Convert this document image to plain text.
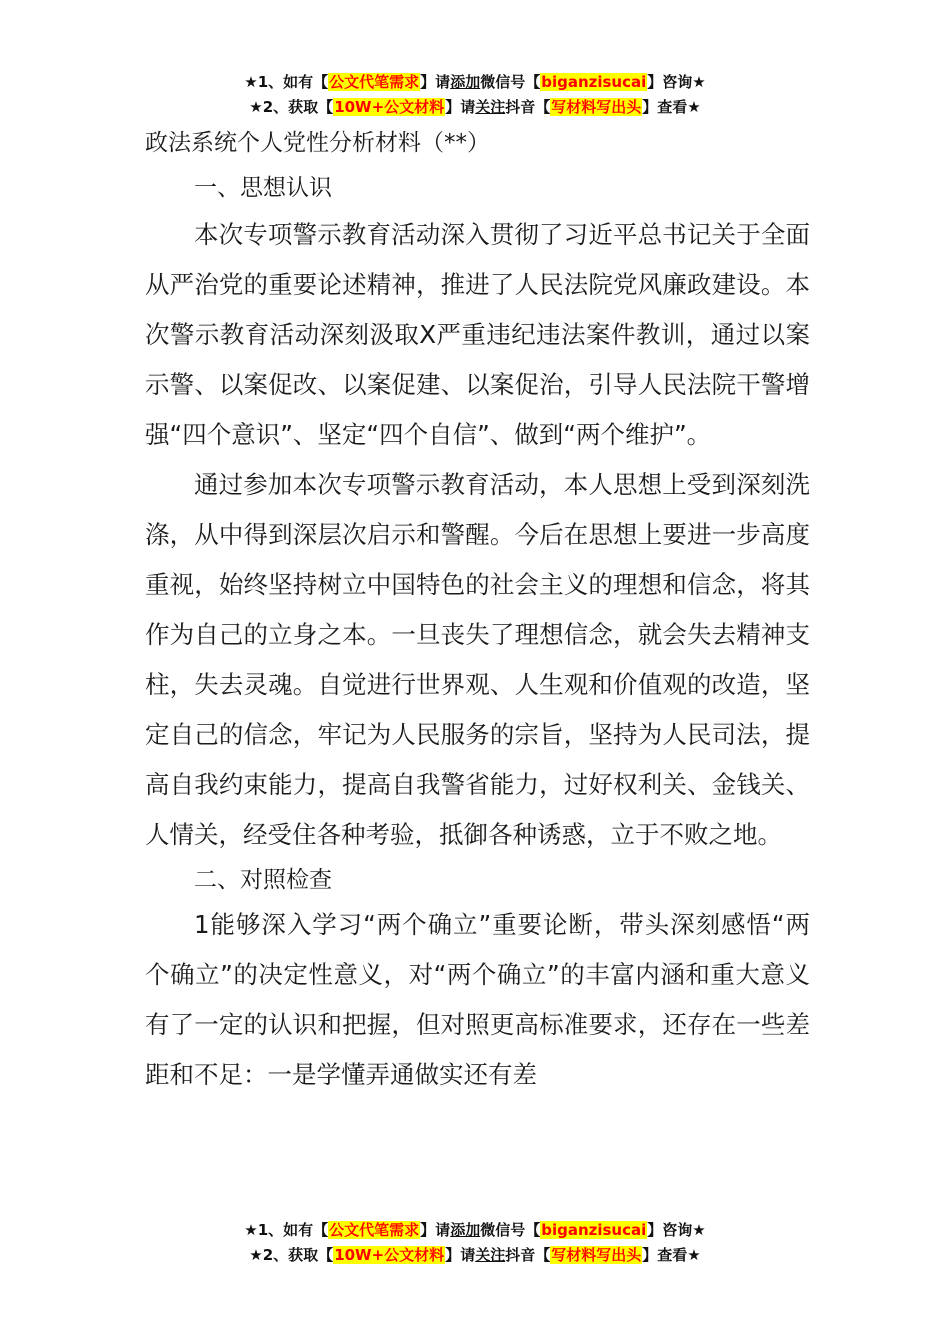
★1、如有【公文代笔需求】请添加微信号【biganzisucai】咨询★
★2、获取【10W+公文材料】请关注抖音【写材料写出头】查看★
政法系统个人党性分析材料（**）
一、思想认识

本次专项警示教育活动深入贯彻了习近平总书记关于全面从严治党的重要论述精神，推进了人民法院党风廉政建设。本次警示教育活动深刻汲取X严重违纪违法案件教训，通过以案示警、以案促改、以案促建、以案促治，引导人民法院干警增强“四个意识”、坚定“四个自信”、做到“两个维护”。

通过参加本次专项警示教育活动，本人思想上受到深刻洗涤，从中得到深层次启示和警醒。今后在思想上要进一步高度重视，始终坚持树立中国特色的社会主义的理想和信念，将其作为自己的立身之本。一旦丧失了理想信念，就会失去精神支柱，失去灵魂。自觉进行世界观、人生观和价值观的改造，坚定自己的信念，牢记为人民服务的宗旨，坚持为人民司法，提高自我约束能力，提高自我警省能力，过好权利关、金钱关、人情关，经受住各种考验，抵御各种诱惑，立于不败之地。

二、对照检查

1能够深入学习“两个确立”重要论断，带头深刻感悟“两个确立”的决定性意义，对“两个确立”的丰富内涵和重大意义有了一定的认识和把握，但对照更高标准要求，还存在一些差距和不足：一是学懂弄通做实还有差

★1、如有【公文代笔需求】请添加微信号【biganzisucai】咨询★
★2、获取【10W+公文材料】请关注抖音【写材料写出头】查看★
